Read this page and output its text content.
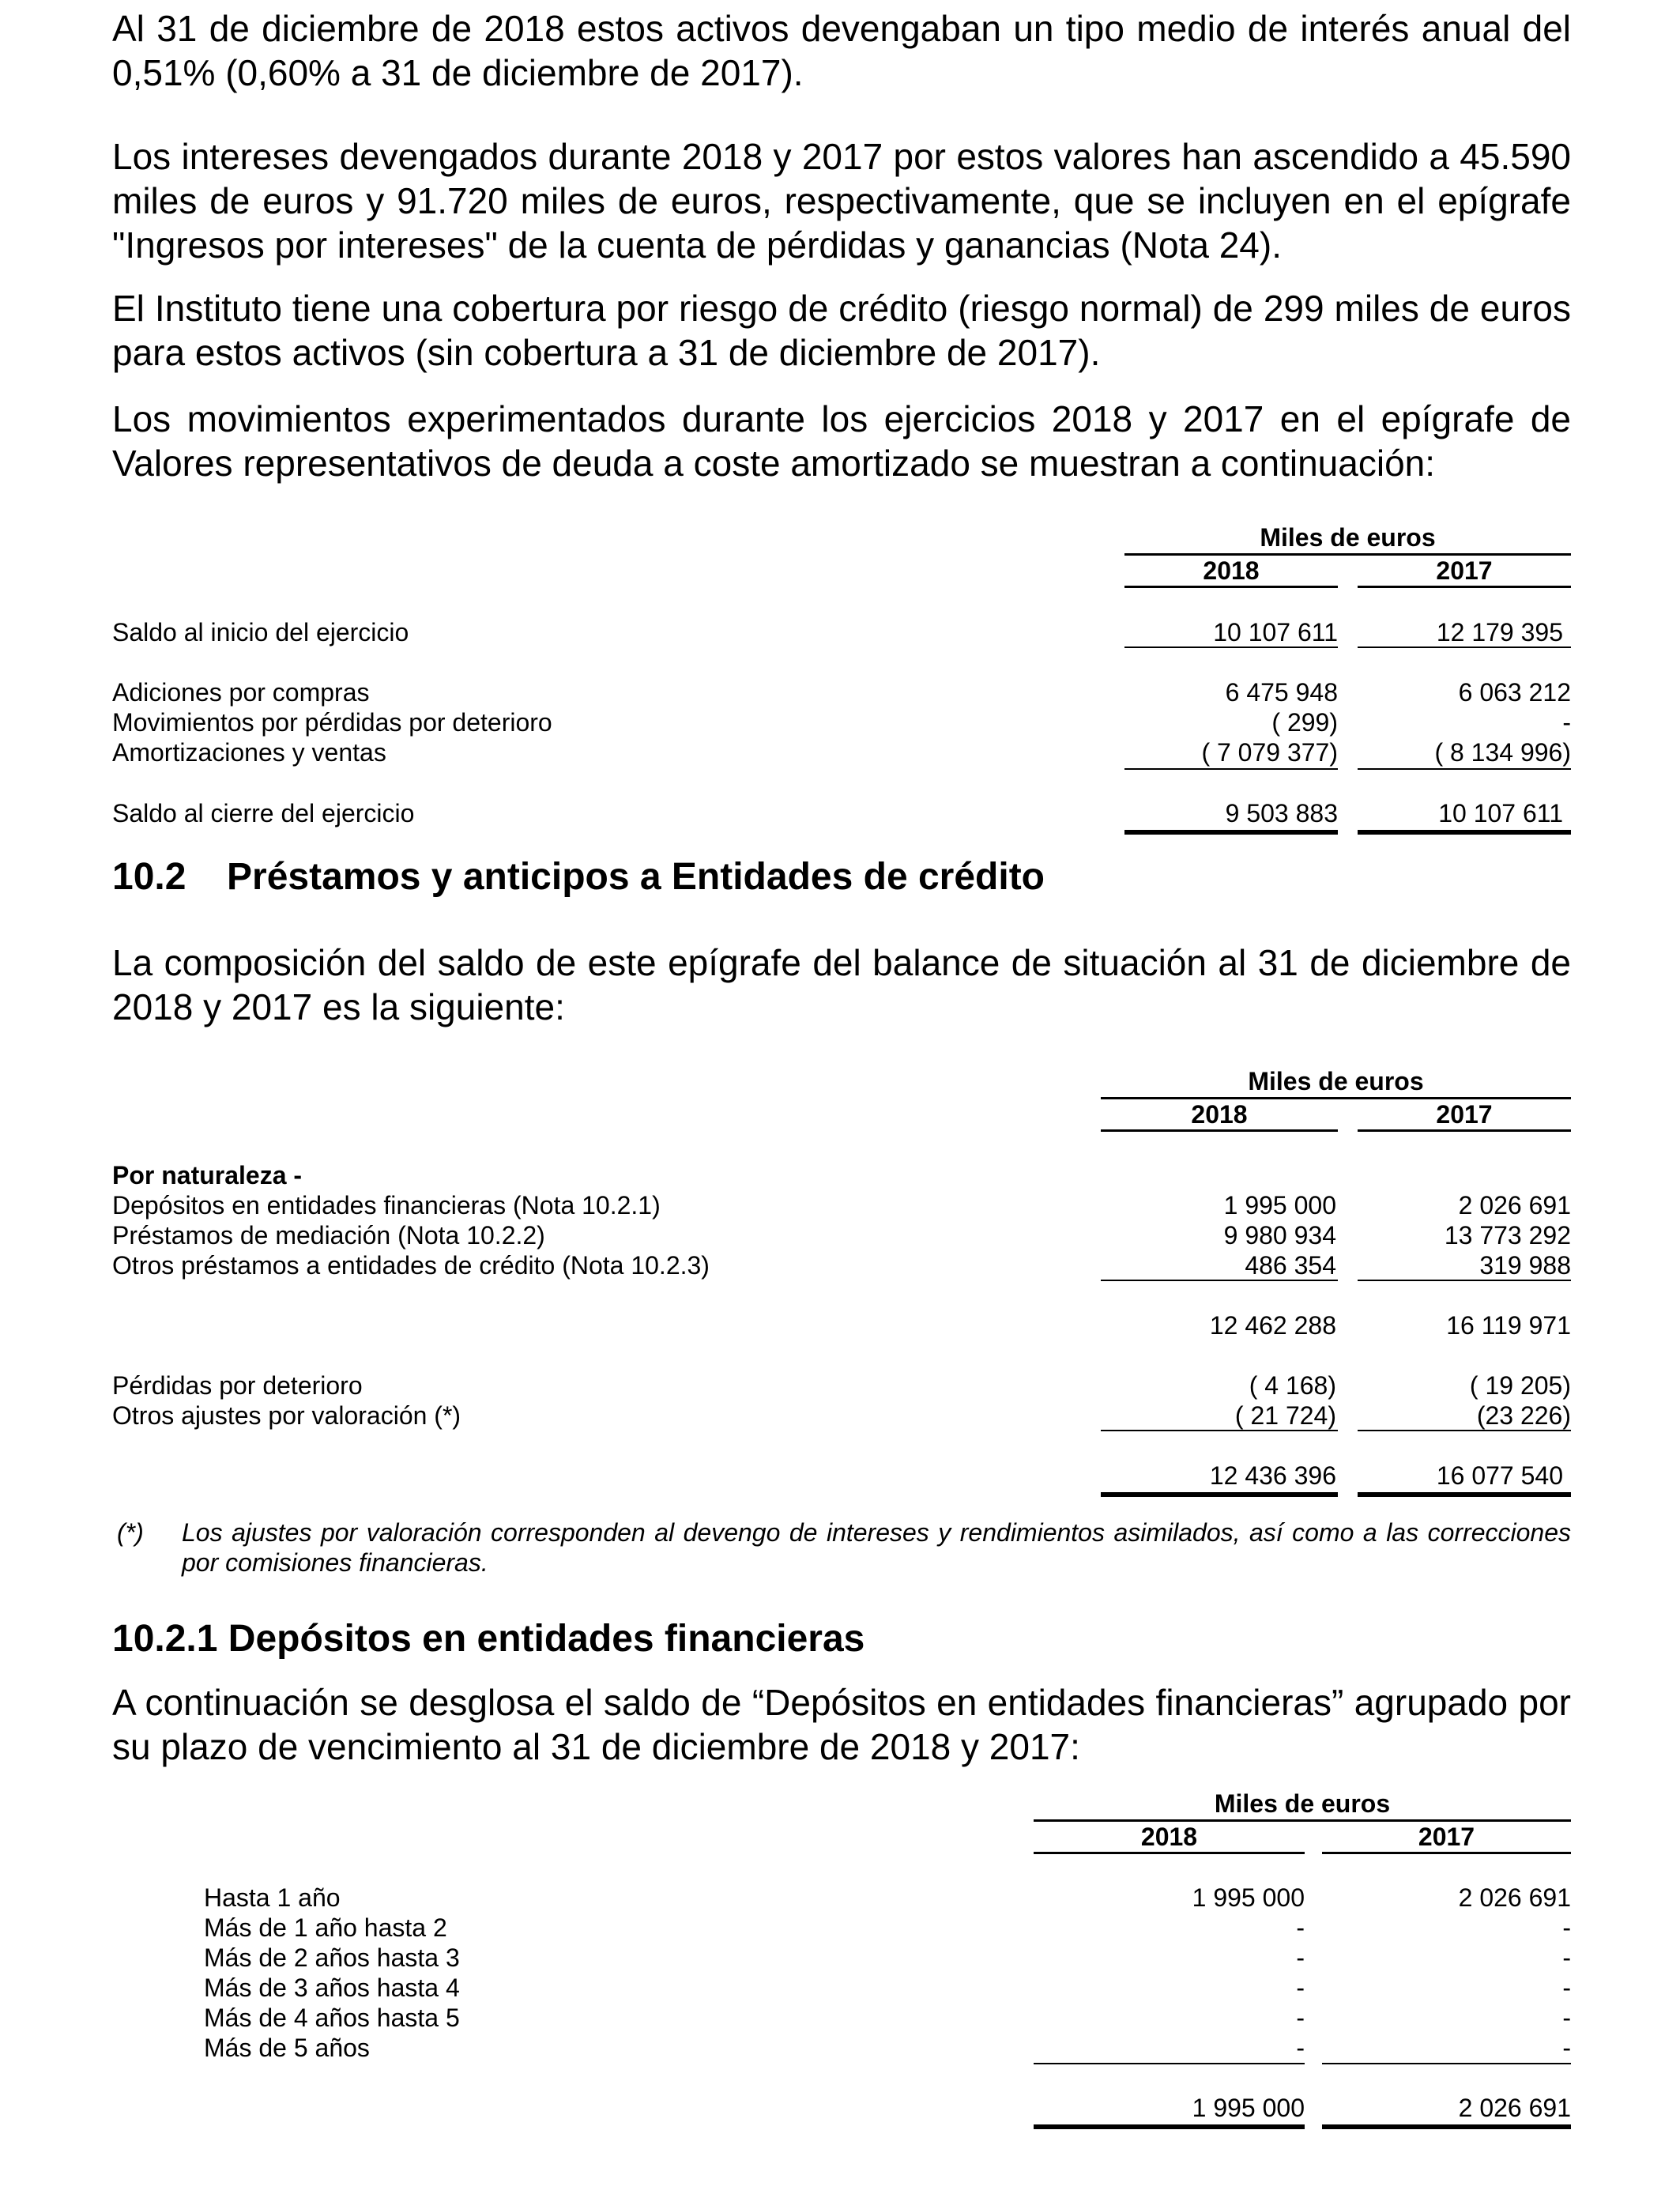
Al 31 de diciembre de 2018 estos activos devengaban un tipo medio de interés anual del 0,51% (0,60% a 31 de diciembre de 2017).

Los intereses devengados durante 2018 y 2017 por estos valores han ascendido a 45.590 miles de euros y 91.720 miles de euros, respectivamente, que se incluyen en el epígrafe "Ingresos por intereses" de la cuenta de pérdidas y ganancias (Nota 24).

El Instituto tiene una cobertura por riesgo de crédito (riesgo normal) de 299 miles de euros para estos activos (sin cobertura a 31 de diciembre de 2017).

Los movimientos experimentados durante los ejercicios 2018 y 2017 en el epígrafe de Valores representativos de deuda a coste amortizado se muestran a continuación:

Miles de euros
2018	2017
Saldo al inicio del ejercicio	10 107 611	12 179 395
Adiciones por compras	6 475 948	6 063 212
Movimientos por pérdidas por deterioro	( 299)	-
Amortizaciones y ventas	( 7 079 377)	( 8 134 996)
Saldo al cierre del ejercicio	9 503 883	10 107 611
10.2 Préstamos y anticipos a Entidades de crédito

La composición del saldo de este epígrafe del balance de situación al 31 de diciembre de 2018 y 2017 es la siguiente:

Miles de euros
2018	2017
Por naturaleza -
Depósitos en entidades financieras (Nota 10.2.1)	1 995 000	2 026 691
Préstamos de mediación (Nota 10.2.2)	9 980 934	13 773 292
Otros préstamos a entidades de crédito (Nota 10.2.3)	486 354	319 988
12 462 288	16 119 971
Pérdidas por deterioro	( 4 168)	( 19 205)
Otros ajustes por valoración (*)	( 21 724)	(23 226)
12 436 396	16 077 540
(*) Los ajustes por valoración corresponden al devengo de intereses y rendimientos asimilados, así como a las correcciones por comisiones financieras.
10.2.1 Depósitos en entidades financieras

A continuación se desglosa el saldo de “Depósitos en entidades financieras” agrupado por su plazo de vencimiento al 31 de diciembre de 2018 y 2017:

Miles de euros
2018	2017
Hasta 1 año	1 995 000	2 026 691
Más de 1 año hasta 2	-	-
Más de 2 años hasta 3	-	-
Más de 3 años hasta 4	-	-
Más de 4 años hasta 5	-	-
Más de 5 años	-	-
1 995 000	2 026 691
